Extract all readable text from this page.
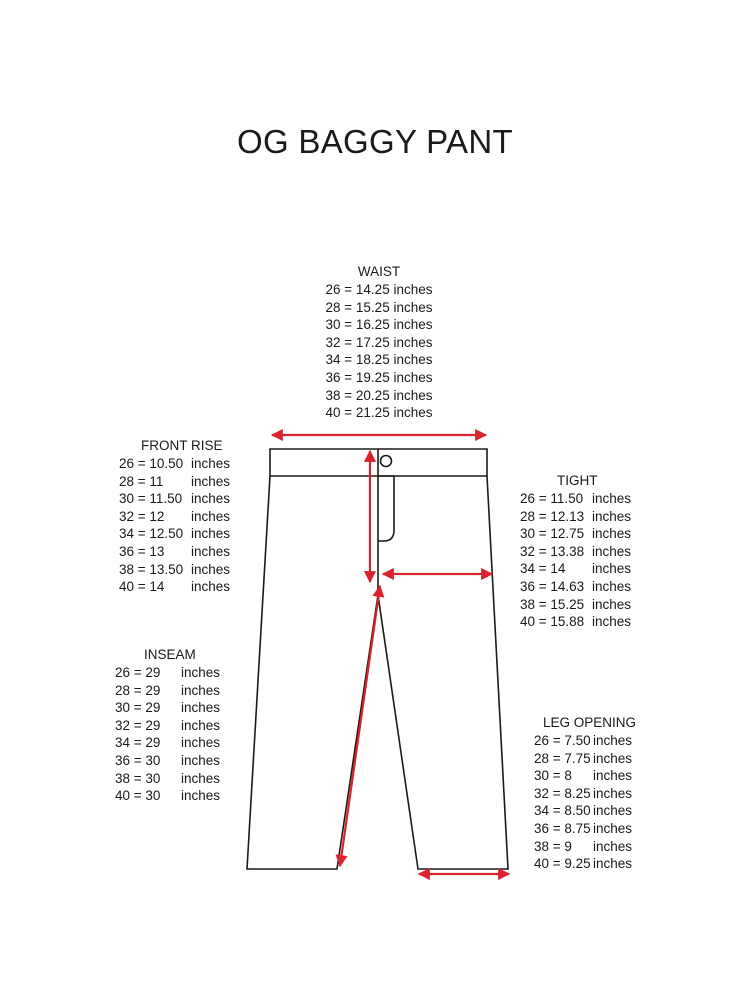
OG BAGGY PANT
WAIST
26 = 14.25 inches
28 = 15.25 inches
30 = 16.25 inches
32 = 17.25 inches
34 = 18.25 inches
36 = 19.25 inches
38 = 20.25 inches
40 = 21.25 inches
FRONT RISE
26 = 10.50 inches
28 = 11 inches
30 = 11.50 inches
32 = 12 inches
34 = 12.50 inches
36 = 13 inches
38 = 13.50 inches
40 = 14 inches
TIGHT
26 = 11.50 inches
28 = 12.13 inches
30 = 12.75 inches
32 = 13.38 inches
34 = 14 inches
36 = 14.63 inches
38 = 15.25 inches
40 = 15.88 inches
INSEAM
26 = 29 inches
28 = 29 inches
30 = 29 inches
32 = 29 inches
34 = 29 inches
36 = 30 inches
38 = 30 inches
40 = 30 inches
LEG OPENING
26 = 7.50 inches
28 = 7.75 inches
30 = 8 inches
32 = 8.25 inches
34 = 8.50 inches
36 = 8.75 inches
38 = 9 inches
40 = 9.25 inches
